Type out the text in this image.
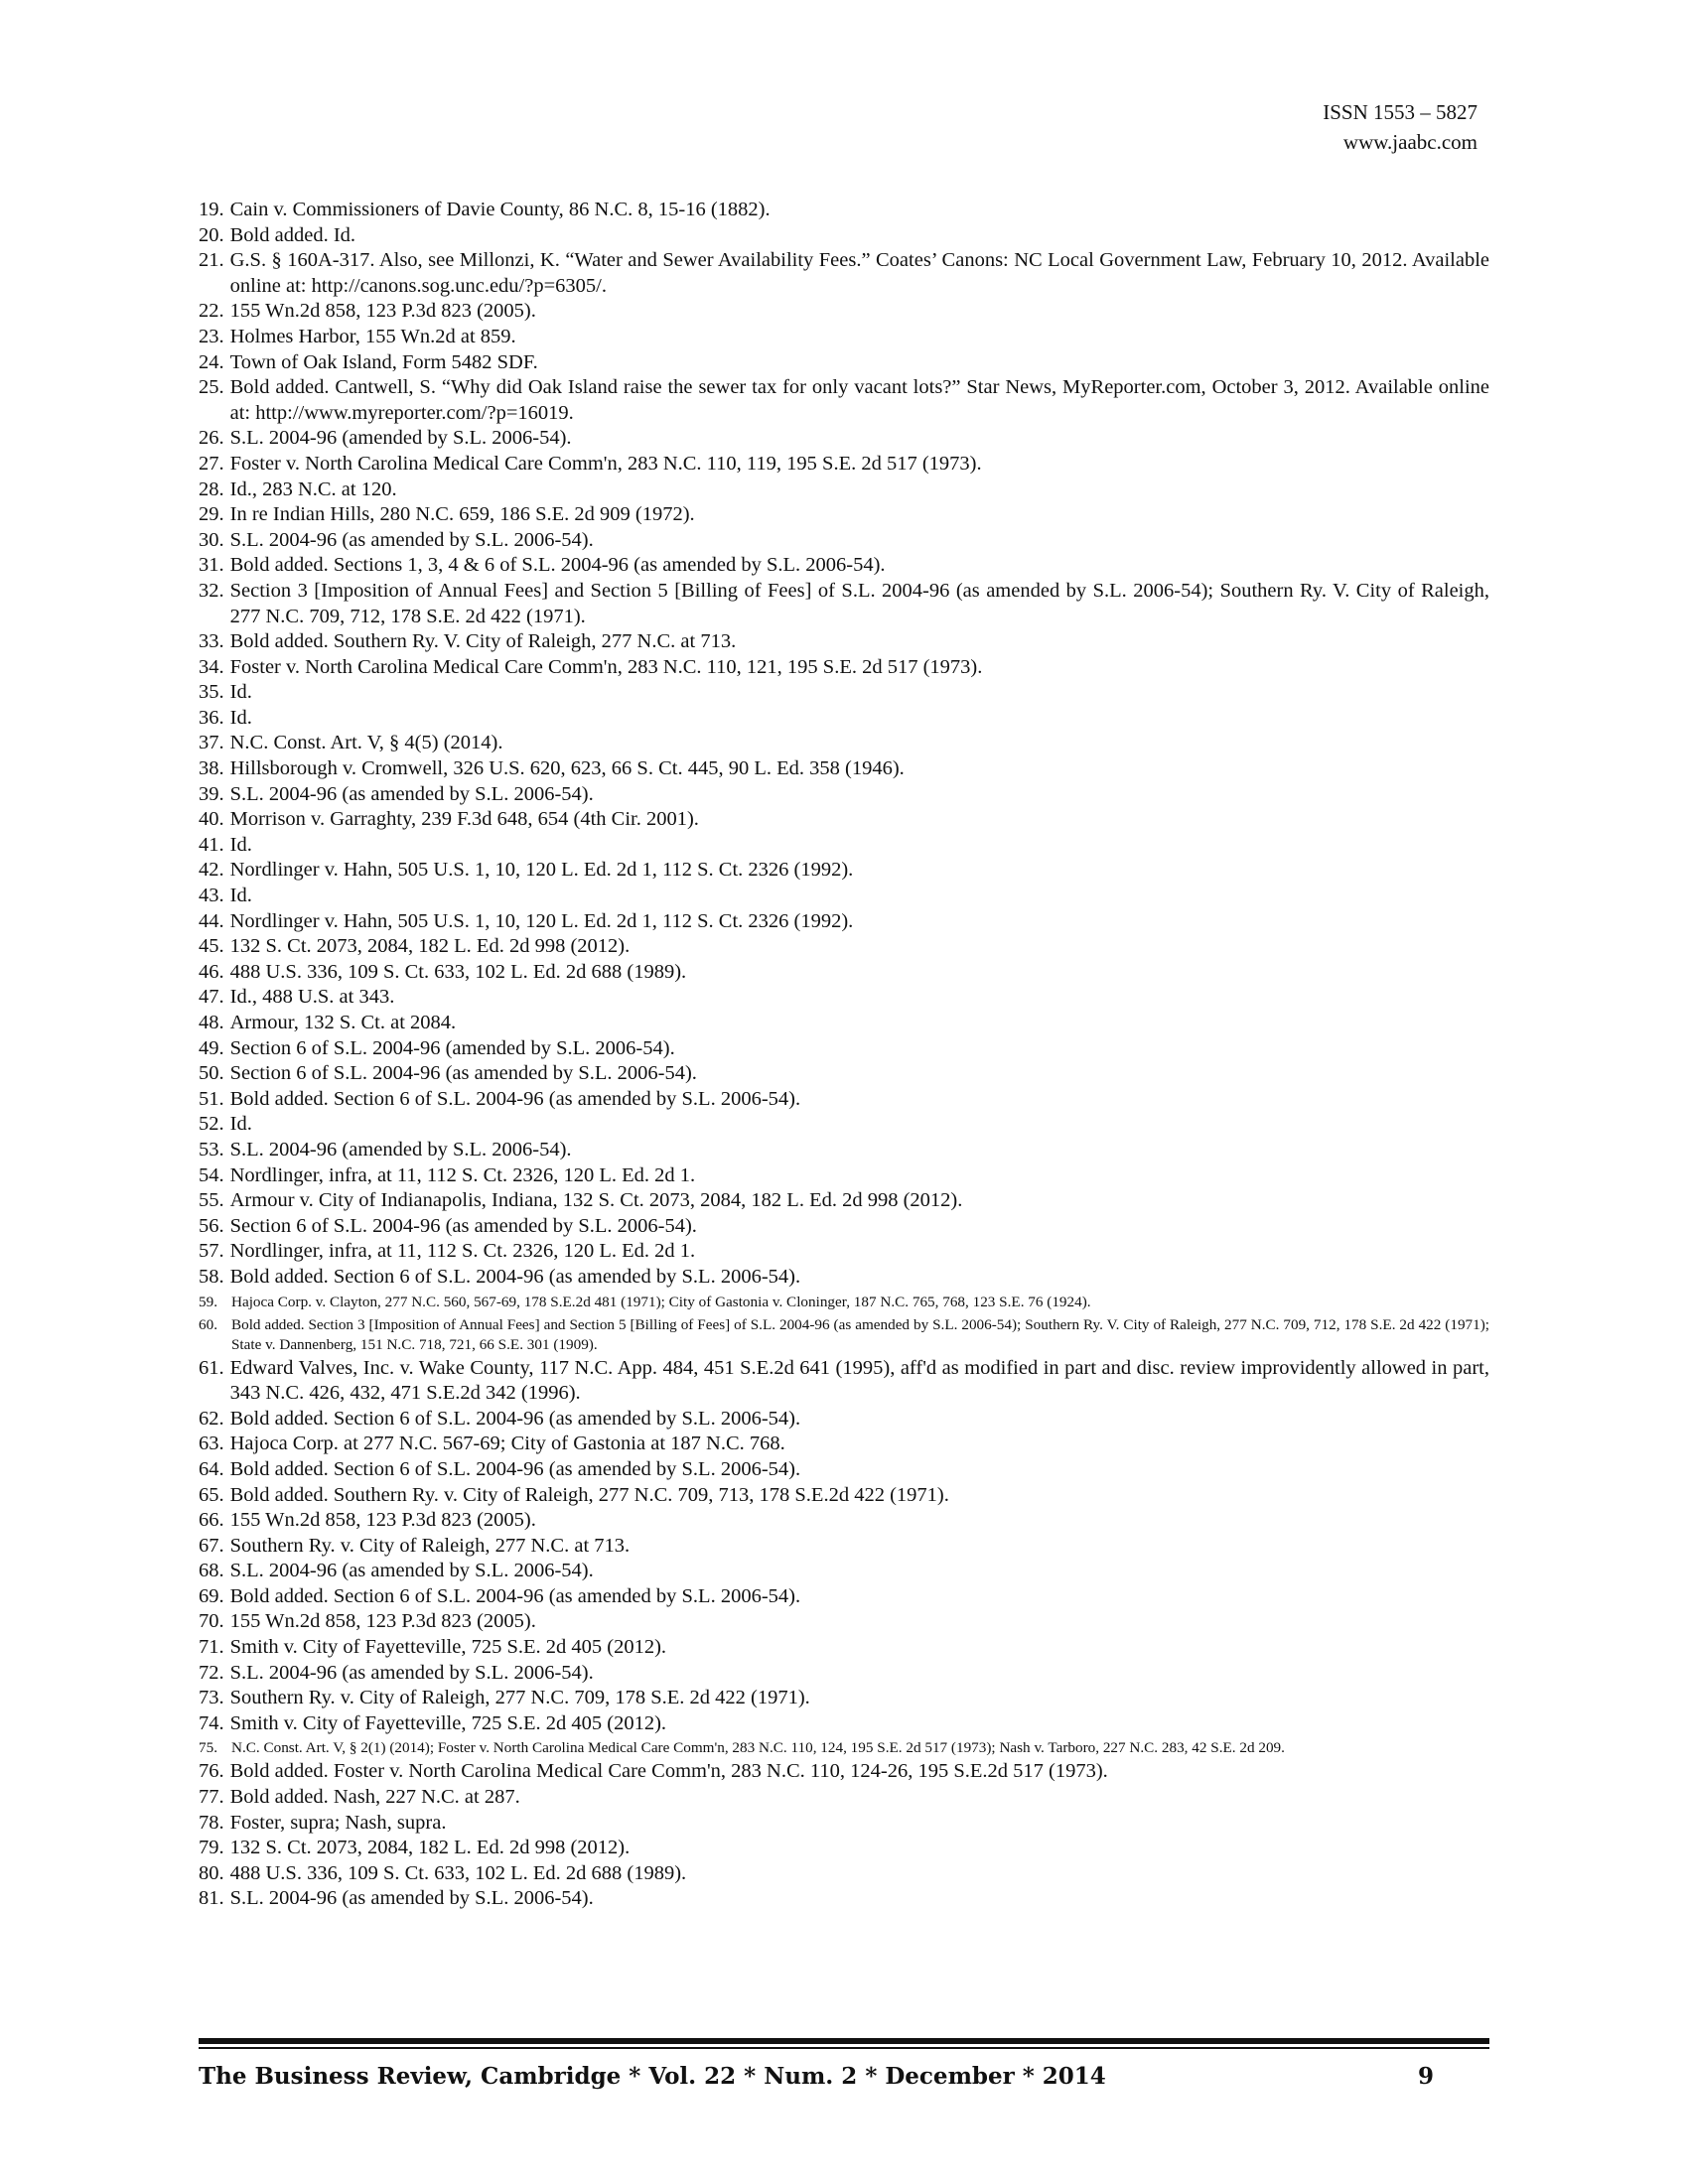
ISSN 1553 – 5827
www.jaabc.com
19. Cain v. Commissioners of Davie County, 86 N.C. 8, 15-16 (1882).
20. Bold added. Id.
21. G.S. § 160A-317. Also, see Millonzi, K. “Water and Sewer Availability Fees.” Coates’ Canons: NC Local Government Law, February 10, 2012. Available online at: http://canons.sog.unc.edu/?p=6305/.
22. 155 Wn.2d 858, 123 P.3d 823 (2005).
23. Holmes Harbor, 155 Wn.2d at 859.
24. Town of Oak Island, Form 5482 SDF.
25. Bold added. Cantwell, S. “Why did Oak Island raise the sewer tax for only vacant lots?” Star News, MyReporter.com, October 3, 2012. Available online at: http://www.myreporter.com/?p=16019.
26. S.L. 2004-96 (amended by S.L. 2006-54).
27. Foster v. North Carolina Medical Care Comm'n, 283 N.C. 110, 119, 195 S.E. 2d 517 (1973).
28. Id., 283 N.C. at 120.
29. In re Indian Hills, 280 N.C. 659, 186 S.E. 2d 909 (1972).
30. S.L. 2004-96 (as amended by S.L. 2006-54).
31. Bold added. Sections 1, 3, 4 & 6 of S.L. 2004-96 (as amended by S.L. 2006-54).
32. Section 3 [Imposition of Annual Fees] and Section 5 [Billing of Fees] of S.L. 2004-96 (as amended by S.L. 2006-54); Southern Ry. V. City of Raleigh, 277 N.C. 709, 712, 178 S.E. 2d 422 (1971).
33. Bold added. Southern Ry. V. City of Raleigh, 277 N.C. at 713.
34. Foster v. North Carolina Medical Care Comm'n, 283 N.C. 110, 121, 195 S.E. 2d 517 (1973).
35. Id.
36. Id.
37. N.C. Const. Art. V, § 4(5) (2014).
38. Hillsborough v. Cromwell, 326 U.S. 620, 623, 66 S. Ct. 445, 90 L. Ed. 358 (1946).
39. S.L. 2004-96 (as amended by S.L. 2006-54).
40. Morrison v. Garraghty, 239 F.3d 648, 654 (4th Cir. 2001).
41. Id.
42. Nordlinger v. Hahn, 505 U.S. 1, 10, 120 L. Ed. 2d 1, 112 S. Ct. 2326 (1992).
43. Id.
44. Nordlinger v. Hahn, 505 U.S. 1, 10, 120 L. Ed. 2d 1, 112 S. Ct. 2326 (1992).
45. 132 S. Ct. 2073, 2084, 182 L. Ed. 2d 998 (2012).
46. 488 U.S. 336, 109 S. Ct. 633, 102 L. Ed. 2d 688 (1989).
47. Id., 488 U.S. at 343.
48. Armour, 132 S. Ct. at 2084.
49. Section 6 of S.L. 2004-96 (amended by S.L. 2006-54).
50. Section 6 of S.L. 2004-96 (as amended by S.L. 2006-54).
51. Bold added. Section 6 of S.L. 2004-96 (as amended by S.L. 2006-54).
52. Id.
53. S.L. 2004-96 (amended by S.L. 2006-54).
54. Nordlinger, infra, at 11, 112 S. Ct. 2326, 120 L. Ed. 2d 1.
55. Armour v. City of Indianapolis, Indiana, 132 S. Ct. 2073, 2084, 182 L. Ed. 2d 998 (2012).
56. Section 6 of S.L. 2004-96 (as amended by S.L. 2006-54).
57. Nordlinger, infra, at 11, 112 S. Ct. 2326, 120 L. Ed. 2d 1.
58. Bold added. Section 6 of S.L. 2004-96 (as amended by S.L. 2006-54).
59. Hajoca Corp. v. Clayton, 277 N.C. 560, 567-69, 178 S.E.2d 481 (1971); City of Gastonia v. Cloninger, 187 N.C. 765, 768, 123 S.E. 76 (1924).
60. Bold added. Section 3 [Imposition of Annual Fees] and Section 5 [Billing of Fees] of S.L. 2004-96 (as amended by S.L. 2006-54); Southern Ry. V. City of Raleigh, 277 N.C. 709, 712, 178 S.E. 2d 422 (1971); State v. Dannenberg, 151 N.C. 718, 721, 66 S.E. 301 (1909).
61. Edward Valves, Inc. v. Wake County, 117 N.C. App. 484, 451 S.E.2d 641 (1995), aff'd as modified in part and disc. review improvidently allowed in part, 343 N.C. 426, 432, 471 S.E.2d 342 (1996).
62. Bold added. Section 6 of S.L. 2004-96 (as amended by S.L. 2006-54).
63. Hajoca Corp. at 277 N.C. 567-69; City of Gastonia at 187 N.C. 768.
64. Bold added. Section 6 of S.L. 2004-96 (as amended by S.L. 2006-54).
65. Bold added. Southern Ry. v. City of Raleigh, 277 N.C. 709, 713, 178 S.E.2d 422 (1971).
66. 155 Wn.2d 858, 123 P.3d 823 (2005).
67. Southern Ry. v. City of Raleigh, 277 N.C. at 713.
68. S.L. 2004-96 (as amended by S.L. 2006-54).
69. Bold added. Section 6 of S.L. 2004-96 (as amended by S.L. 2006-54).
70. 155 Wn.2d 858, 123 P.3d 823 (2005).
71. Smith v. City of Fayetteville, 725 S.E. 2d 405 (2012).
72. S.L. 2004-96 (as amended by S.L. 2006-54).
73. Southern Ry. v. City of Raleigh, 277 N.C. 709, 178 S.E. 2d 422 (1971).
74. Smith v. City of Fayetteville, 725 S.E. 2d 405 (2012).
75. N.C. Const. Art. V, § 2(1) (2014); Foster v. North Carolina Medical Care Comm'n, 283 N.C. 110, 124, 195 S.E. 2d 517 (1973); Nash v. Tarboro, 227 N.C. 283, 42 S.E. 2d 209.
76. Bold added. Foster v. North Carolina Medical Care Comm'n, 283 N.C. 110, 124-26, 195 S.E.2d 517 (1973).
77. Bold added. Nash, 227 N.C. at 287.
78. Foster, supra; Nash, supra.
79. 132 S. Ct. 2073, 2084, 182 L. Ed. 2d 998 (2012).
80. 488 U.S. 336, 109 S. Ct. 633, 102 L. Ed. 2d 688 (1989).
81. S.L. 2004-96 (as amended by S.L. 2006-54).
The Business Review, Cambridge * Vol. 22 * Num. 2 * December * 2014	9
